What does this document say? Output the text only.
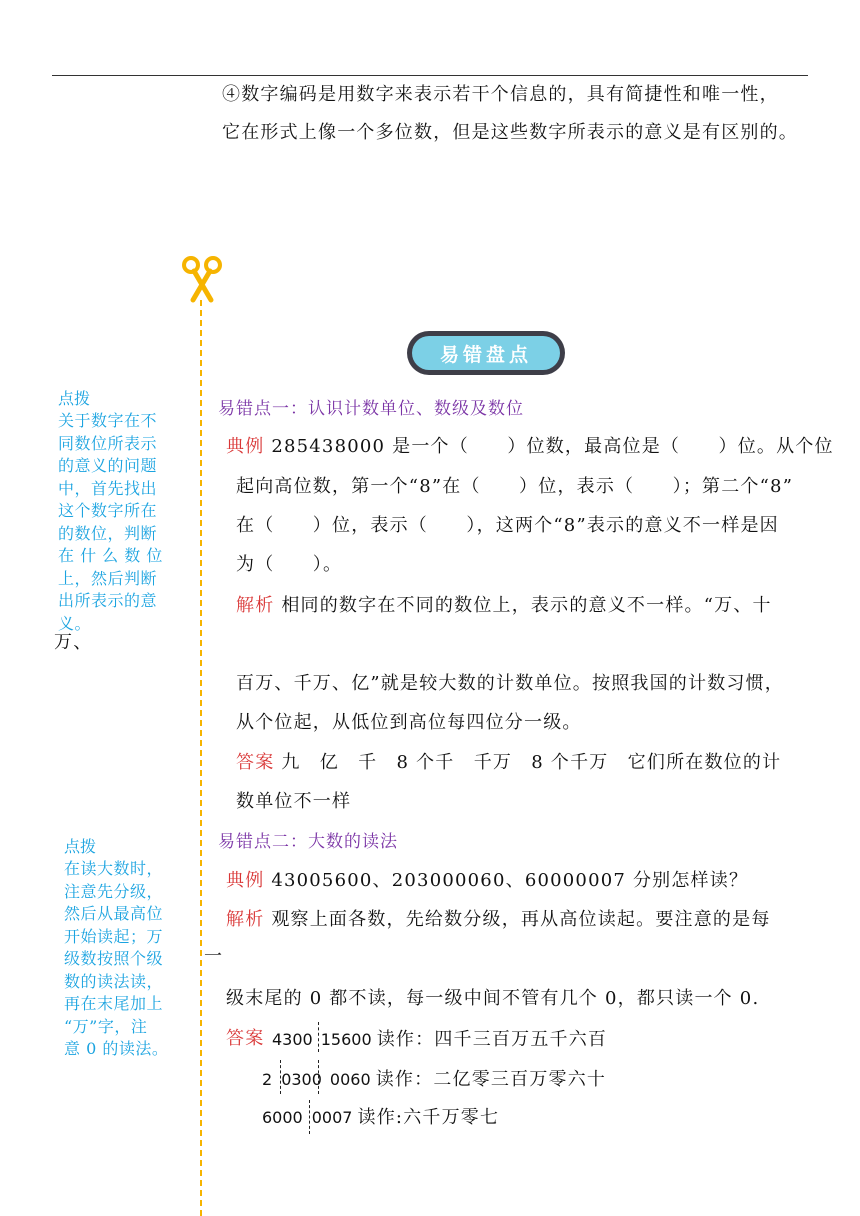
④数字编码是用数字来表示若干个信息的，具有简捷性和唯一性，
它在形式上像一个多位数，但是这些数字所表示的意义是有区别的。
易错盘点
点拨
关于数字在不
同数位所表示
的意义的问题
中，首先找出
这个数字所在
的数位，判断
在 什 么 数 位
上，然后判断
出所表示的意
义。
万、
易错点一：认识计数单位、数级及数位
典例 285438000 是一个（　　）位数，最高位是（　　）位。从个位
起向高位数，第一个“8”在（　　）位，表示（　　）；第二个“8”
在（　　）位，表示（　　），这两个“8”表示的意义不一样是因
为（　　）。
解析 相同的数字在不同的数位上，表示的意义不一样。“万、十
百万、千万、亿”就是较大数的计数单位。按照我国的计数习惯，
从个位起，从低位到高位每四位分一级。
答案 九　亿　千　8 个千　千万　8 个千万　它们所在数位的计
数单位不一样
点拨
在读大数时，
注意先分级，
然后从最高位
开始读起；万
级数按照个级
数的读法读，
再在末尾加上
“万”字，注
意 0 的读法。
易错点二：大数的读法
典例 43005600、203000060、60000007 分别怎样读？
解析 观察上面各数，先给数分级，再从高位读起。要注意的是每
一
级末尾的 0 都不读，每一级中间不管有几个 0，都只读一个 0.
答案 4300 15600 读作：四千三百万五千六百
2 0300 0060 读作：二亿零三百万零六十
6000 0007 读作:六千万零七
